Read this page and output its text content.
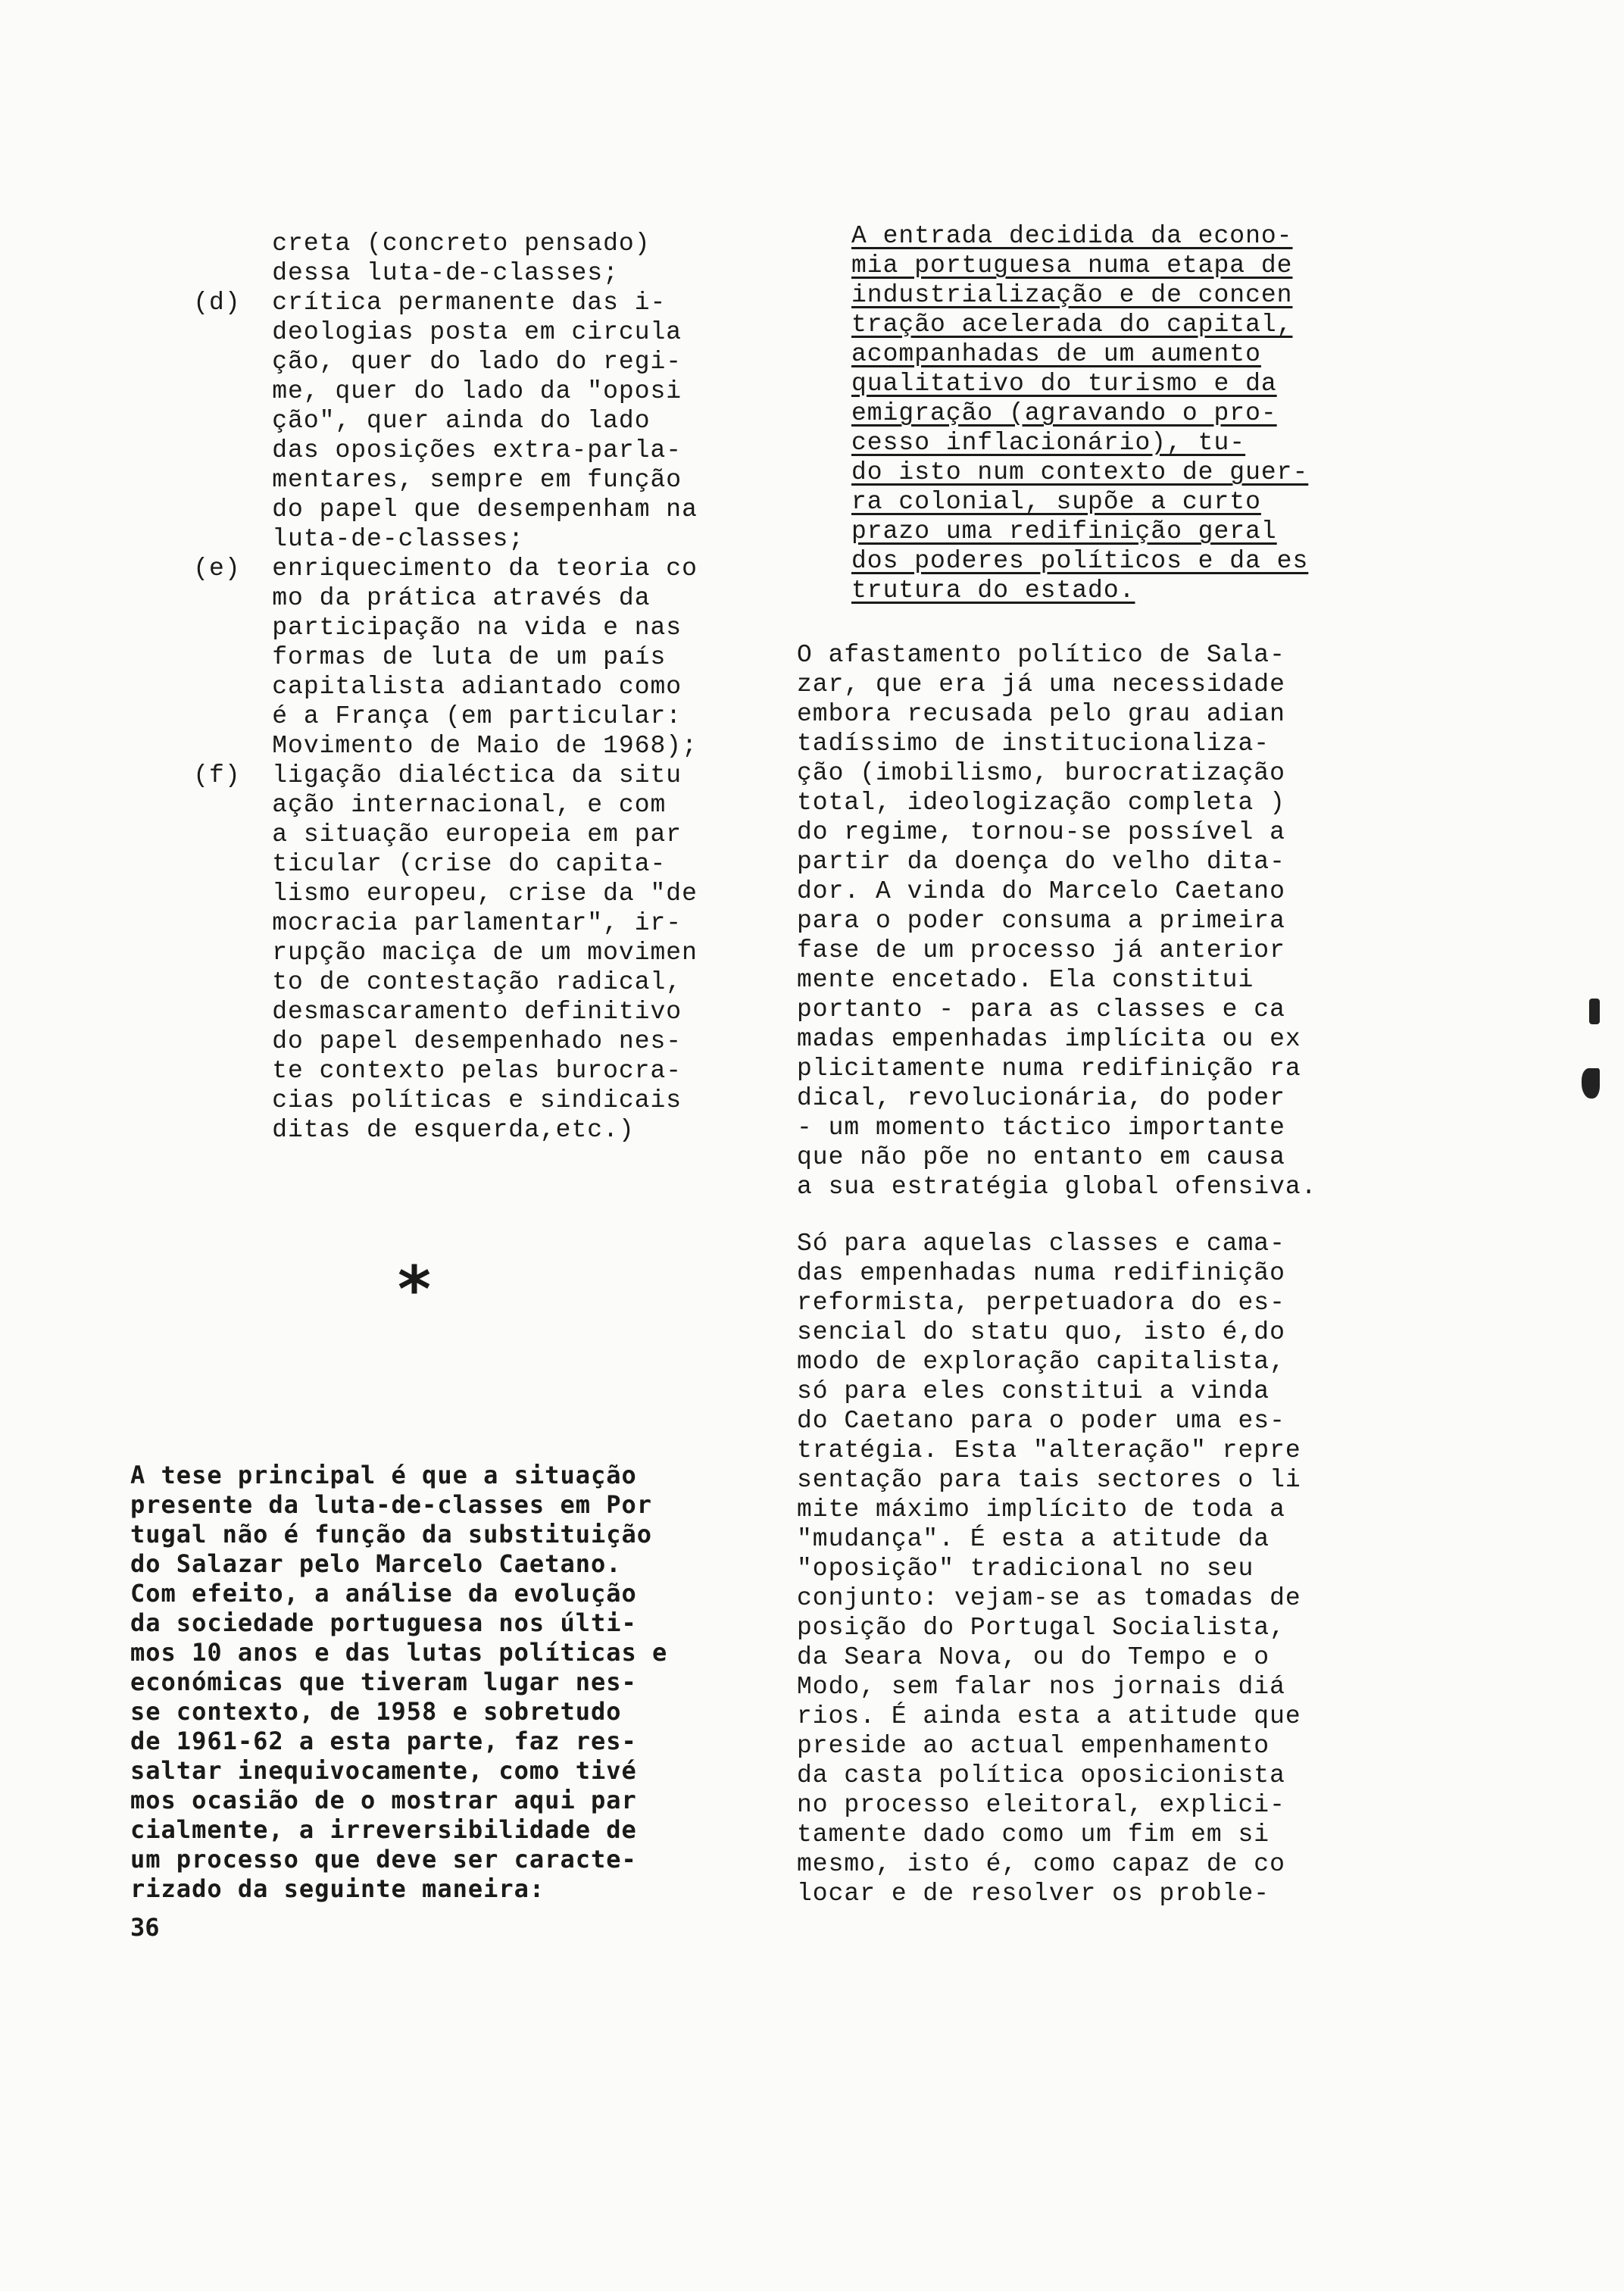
creta (concreto pensado)
dessa luta-de-classes;
(d)  crítica permanente das i-
deologias posta em circula
ção, quer do lado do regi-
me, quer do lado da "oposi
ção", quer ainda do lado
das oposições extra-parla-
mentares, sempre em função
do papel que desempenham na
luta-de-classes;
(e)  enriquecimento da teoria co
mo da prática através da
participação na vida e nas
formas de luta de um país
capitalista adiantado como
é a França (em particular:
Movimento de Maio de 1968);
(f)  ligação dialéctica da situ
ação internacional, e com
a situação europeia em par
ticular (crise do capita-
lismo europeu, crise da "de
mocracia parlamentar", ir-
rupção maciça de um movimen
to de contestação radical,
desmascaramento definitivo
do papel desempenhado nes-
te contexto pelas burocra-
cias políticas e sindicais
ditas de esquerda,etc.)
A tese principal é que a situação
presente da luta-de-classes em Por
tugal não é função da substituição
do Salazar pelo Marcelo Caetano.
Com efeito, a análise da evolução
da sociedade portuguesa nos últi-
mos 10 anos e das lutas políticas e
económicas que tiveram lugar nes-
se contexto, de 1958 e sobretudo
de 1961-62 a esta parte, faz res-
saltar inequivocamente, como tivé
mos ocasião de o mostrar aqui par
cialmente, a irreversibilidade de
um processo que deve ser caracte-
rizado da seguinte maneira:
*
A entrada decidida da econo-
mia portuguesa numa etapa de
industrialização e de concen
tração acelerada do capital,
acompanhadas de um aumento
qualitativo do turismo e da
emigração (agravando o pro-
cesso inflacionário), tu-
do isto num contexto de guer-
ra colonial, supõe a curto
prazo uma redifinição geral
dos poderes políticos e da es
trutura do estado.
O afastamento político de Sala-
zar, que era já uma necessidade
embora recusada pelo grau adian
tadíssimo de institucionaliza-
ção (imobilismo, burocratização
total, ideologização completa )
do regime, tornou-se possível a
partir da doença do velho dita-
dor. A vinda do Marcelo Caetano
para o poder consuma a primeira
fase de um processo já anterior
mente encetado. Ela constitui
portanto - para as classes e ca
madas empenhadas implícita ou ex
plicitamente numa redifinição ra
dical, revolucionária, do poder
- um momento táctico importante
que não põe no entanto em causa
a sua estratégia global ofensiva.
Só para aquelas classes e cama-
das empenhadas numa redifinição
reformista, perpetuadora do es-
sencial do statu quo, isto é,do
modo de exploração capitalista,
só para eles constitui a vinda
do Caetano para o poder uma es-
tratégia. Esta "alteração" repre
sentação para tais sectores o li
mite máximo implícito de toda a
"mudança". É esta a atitude da
"oposição" tradicional no seu
conjunto: vejam-se as tomadas de
posição do Portugal Socialista,
da Seara Nova, ou do Tempo e o
Modo, sem falar nos jornais diá
rios. É ainda esta a atitude que
preside ao actual empenhamento
da casta política oposicionista
no processo eleitoral, explici-
tamente dado como um fim em si
mesmo, isto é, como capaz de co
locar e de resolver os proble-
36
